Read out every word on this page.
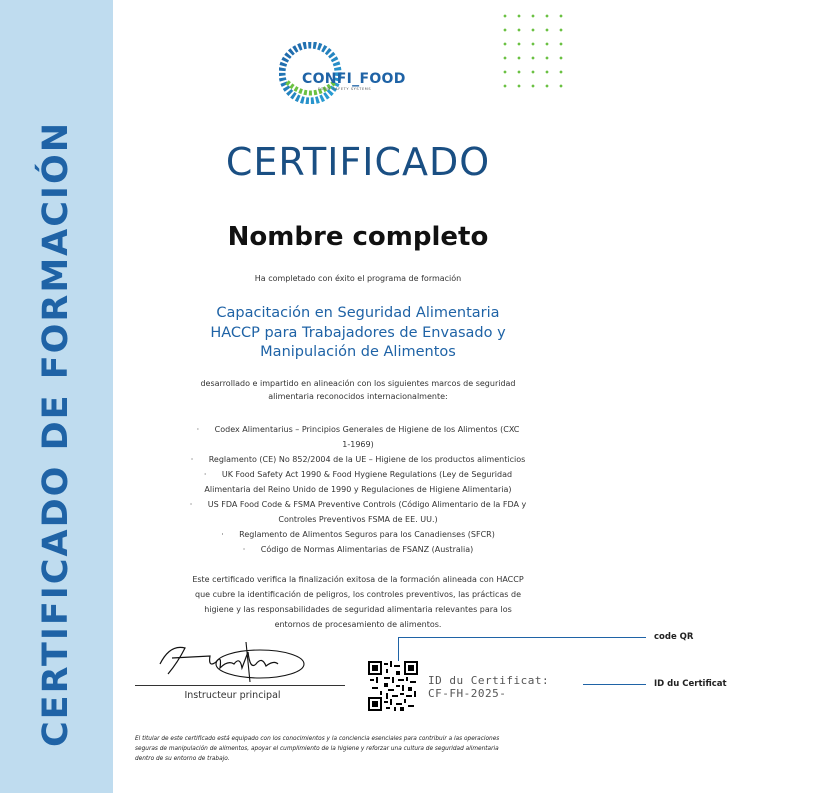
CERTIFICADO DE FORMACIÓN
CONFI_FOOD
FOOD SAFETY SYSTEMS
CERTIFICADO
Nombre completo
Ha completado con éxito el programa de formación
Capacitación en Seguridad Alimentaria
HACCP para Trabajadores de Envasado y
Manipulación de Alimentos
desarrollado e impartido en alineación con los siguientes marcos de seguridad
alimentaria reconocidos internacionalmente:
· Codex Alimentarius – Principios Generales de Higiene de los Alimentos (CXC
1-1969)
· Reglamento (CE) No 852/2004 de la UE – Higiene de los productos alimenticios
· UK Food Safety Act 1990 & Food Hygiene Regulations (Ley de Seguridad
Alimentaria del Reino Unido de 1990 y Regulaciones de Higiene Alimentaria)
· US FDA Food Code & FSMA Preventive Controls (Código Alimentario de la FDA y
Controles Preventivos FSMA de EE. UU.)
· Reglamento de Alimentos Seguros para los Canadienses (SFCR)
· Código de Normas Alimentarias de FSANZ (Australia)
Este certificado verifica la finalización exitosa de la formación alineada con HACCP
que cubre la identificación de peligros, los controles preventivos, las prácticas de
higiene y las responsabilidades de seguridad alimentaria relevantes para los
entornos de procesamiento de alimentos.
Instructeur principal
ID du Certificat:
CF-FH-2025-
code QR
ID du Certificat
El titular de este certificado está equipado con los conocimientos y la conciencia esenciales para contribuir a las operaciones
seguras de manipulación de alimentos, apoyar el cumplimiento de la higiene y reforzar una cultura de seguridad alimentaria
dentro de su entorno de trabajo.
